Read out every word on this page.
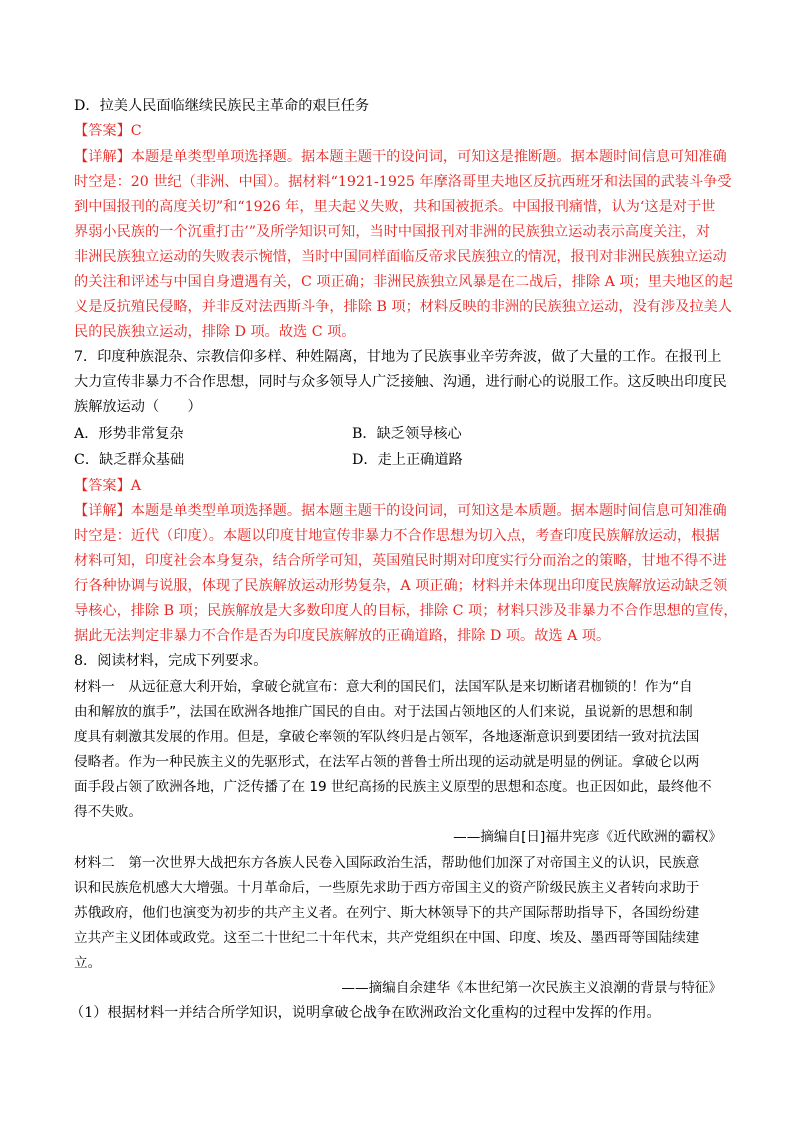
D．拉美人民面临继续民族民主革命的艰巨任务
【答案】C
【详解】本题是单类型单项选择题。据本题主题干的设问词，可知这是推断题。据本题时间信息可知准确
时空是：20 世纪（非洲、中国）。据材料“1921-1925 年摩洛哥里夫地区反抗西班牙和法国的武装斗争受
到中国报刊的高度关切”和“1926 年，里夫起义失败，共和国被扼杀。中国报刊痛惜，认为‘这是对于世
界弱小民族的一个沉重打击’”及所学知识可知，当时中国报刊对非洲的民族独立运动表示高度关注，对
非洲民族独立运动的失败表示惋惜，当时中国同样面临反帝求民族独立的情况，报刊对非洲民族独立运动
的关注和评述与中国自身遭遇有关，C 项正确；非洲民族独立风暴是在二战后，排除 A 项；里夫地区的起
义是反抗殖民侵略，并非反对法西斯斗争，排除 B 项；材料反映的非洲的民族独立运动，没有涉及拉美人
民的民族独立运动，排除 D 项。故选 C 项。
7．印度种族混杂、宗教信仰多样、种姓隔离，甘地为了民族事业辛劳奔波，做了大量的工作。在报刊上
大力宣传非暴力不合作思想，同时与众多领导人广泛接触、沟通，进行耐心的说服工作。这反映出印度民
族解放运动（　　）
A．形势非常复杂	B．缺乏领导核心
C．缺乏群众基础	D．走上正确道路
【答案】A
【详解】本题是单类型单项选择题。据本题主题干的设问词，可知这是本质题。据本题时间信息可知准确
时空是：近代（印度）。本题以印度甘地宣传非暴力不合作思想为切入点，考查印度民族解放运动，根据
材料可知，印度社会本身复杂，结合所学可知，英国殖民时期对印度实行分而治之的策略，甘地不得不进
行各种协调与说服，体现了民族解放运动形势复杂，A 项正确；材料并未体现出印度民族解放运动缺乏领
导核心，排除 B 项；民族解放是大多数印度人的目标，排除 C 项；材料只涉及非暴力不合作思想的宣传，
据此无法判定非暴力不合作是否为印度民族解放的正确道路，排除 D 项。故选 A 项。
8．阅读材料，完成下列要求。
材料一　从远征意大利开始，拿破仑就宣布：意大利的国民们，法国军队是来切断诸君枷锁的！作为“自
由和解放的旗手”，法国在欧洲各地推广国民的自由。对于法国占领地区的人们来说，虽说新的思想和制
度具有刺激其发展的作用。但是，拿破仑率领的军队终归是占领军，各地逐渐意识到要团结一致对抗法国
侵略者。作为一种民族主义的先驱形式，在法军占领的普鲁士所出现的运动就是明显的例证。拿破仑以两
面手段占领了欧洲各地，广泛传播了在 19 世纪高扬的民族主义原型的思想和态度。也正因如此，最终他不
得不失败。
——摘编自[日]福井宪彦《近代欧洲的霸权》
材料二　第一次世界大战把东方各族人民卷入国际政治生活，帮助他们加深了对帝国主义的认识，民族意
识和民族危机感大大增强。十月革命后，一些原先求助于西方帝国主义的资产阶级民族主义者转向求助于
苏俄政府，他们也演变为初步的共产主义者。在列宁、斯大林领导下的共产国际帮助指导下，各国纷纷建
立共产主义团体或政党。这至二十世纪二十年代末，共产党组织在中国、印度、埃及、墨西哥等国陆续建
立。
——摘编自余建华《本世纪第一次民族主义浪潮的背景与特征》
（1）根据材料一并结合所学知识，说明拿破仑战争在欧洲政治文化重构的过程中发挥的作用。
